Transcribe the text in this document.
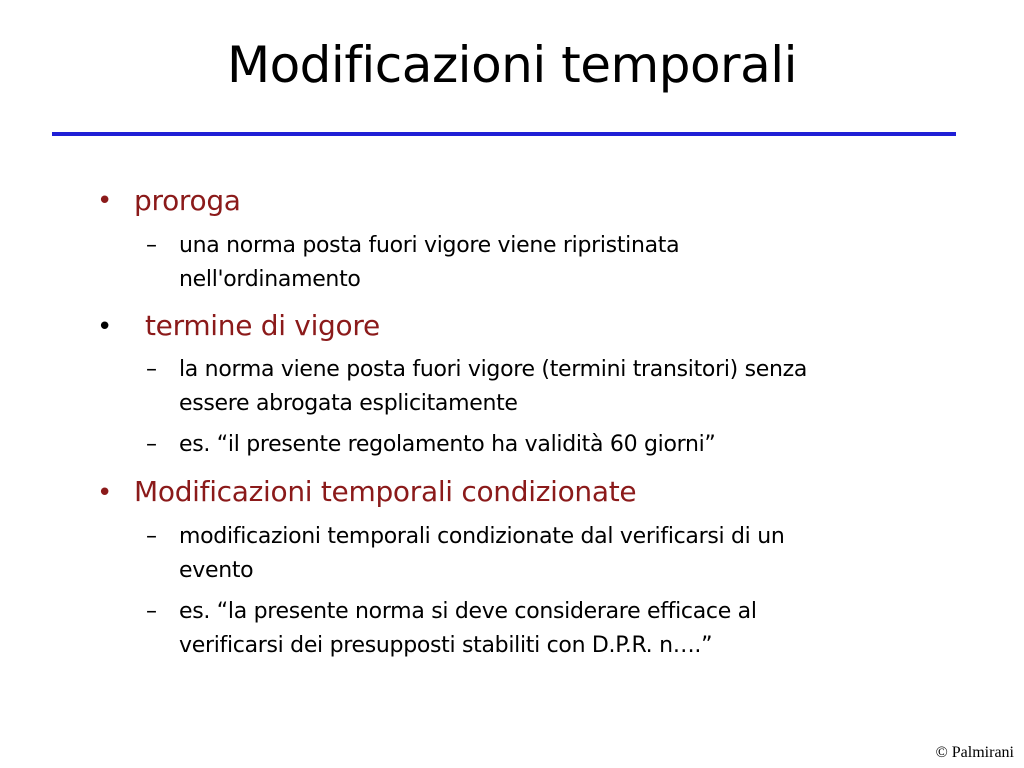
Modificazioni temporali
• proroga
– una norma posta fuori vigore viene ripristinata
nell'ordinamento
• termine di vigore
– la norma viene posta fuori vigore (termini transitori) senza
essere abrogata esplicitamente
– es. “il presente regolamento ha validità 60 giorni”
• Modificazioni temporali condizionate
– modificazioni temporali condizionate dal verificarsi di un
evento
– es. “la presente norma si deve considerare efficace al
verificarsi dei presupposti stabiliti con D.P.R. n….”
© Palmirani
